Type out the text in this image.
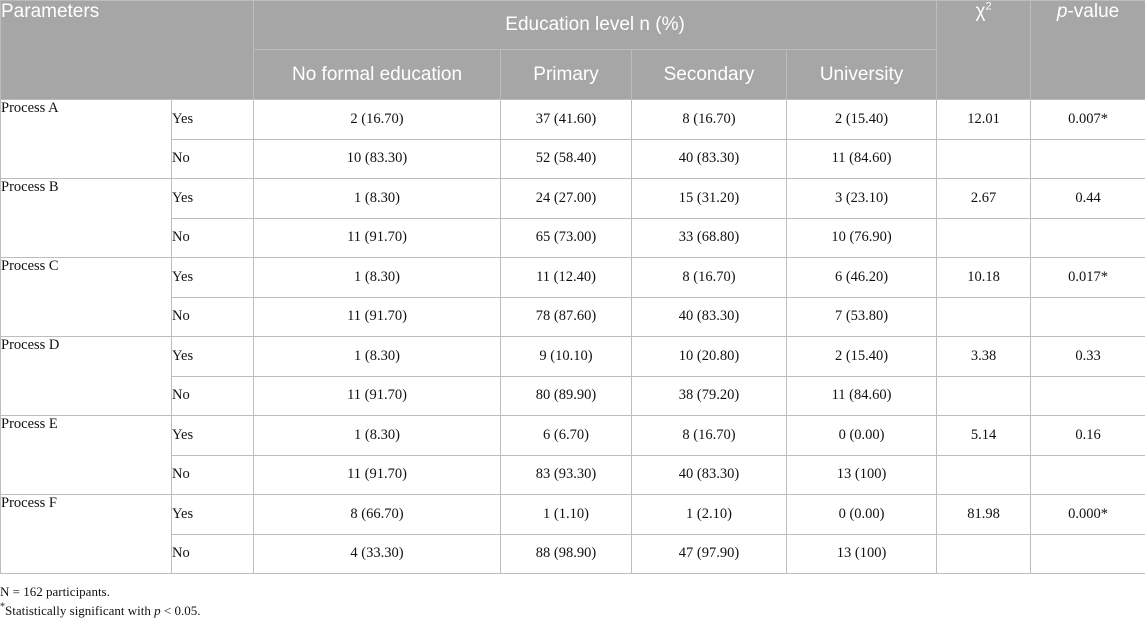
Parameters		Education level n (%)				$\chi^2$	p-value
		No formal education	Primary	Secondary	University		
Process A	Yes	2 (16.70)	37 (41.60)	8 (16.70)	2 (15.40)	12.01	0.007*
	No	10 (83.30)	52 (58.40)	40 (83.30)	11 (84.60)		
Process B	Yes	1 (8.30)	24 (27.00)	15 (31.20)	3 (23.10)	2.67	0.44
	No	11 (91.70)	65 (73.00)	33 (68.80)	10 (76.90)		
Process C	Yes	1 (8.30)	11 (12.40)	8 (16.70)	6 (46.20)	10.18	0.017*
	No	11 (91.70)	78 (87.60)	40 (83.30)	7 (53.80)		
Process D	Yes	1 (8.30)	9 (10.10)	10 (20.80)	2 (15.40)	3.38	0.33
	No	11 (91.70)	80 (89.90)	38 (79.20)	11 (84.60)		
Process E	Yes	1 (8.30)	6 (6.70)	8 (16.70)	0 (0.00)	5.14	0.16
	No	11 (91.70)	83 (93.30)	40 (83.30)	13 (100)		
Process F	Yes	8 (66.70)	1 (1.10)	1 (2.10)	0 (0.00)	81.98	0.000*
	No	4 (33.30)	88 (98.90)	47 (97.90)	13 (100)		
N = 162 participants.
*Statistically significant with p < 0.05.
